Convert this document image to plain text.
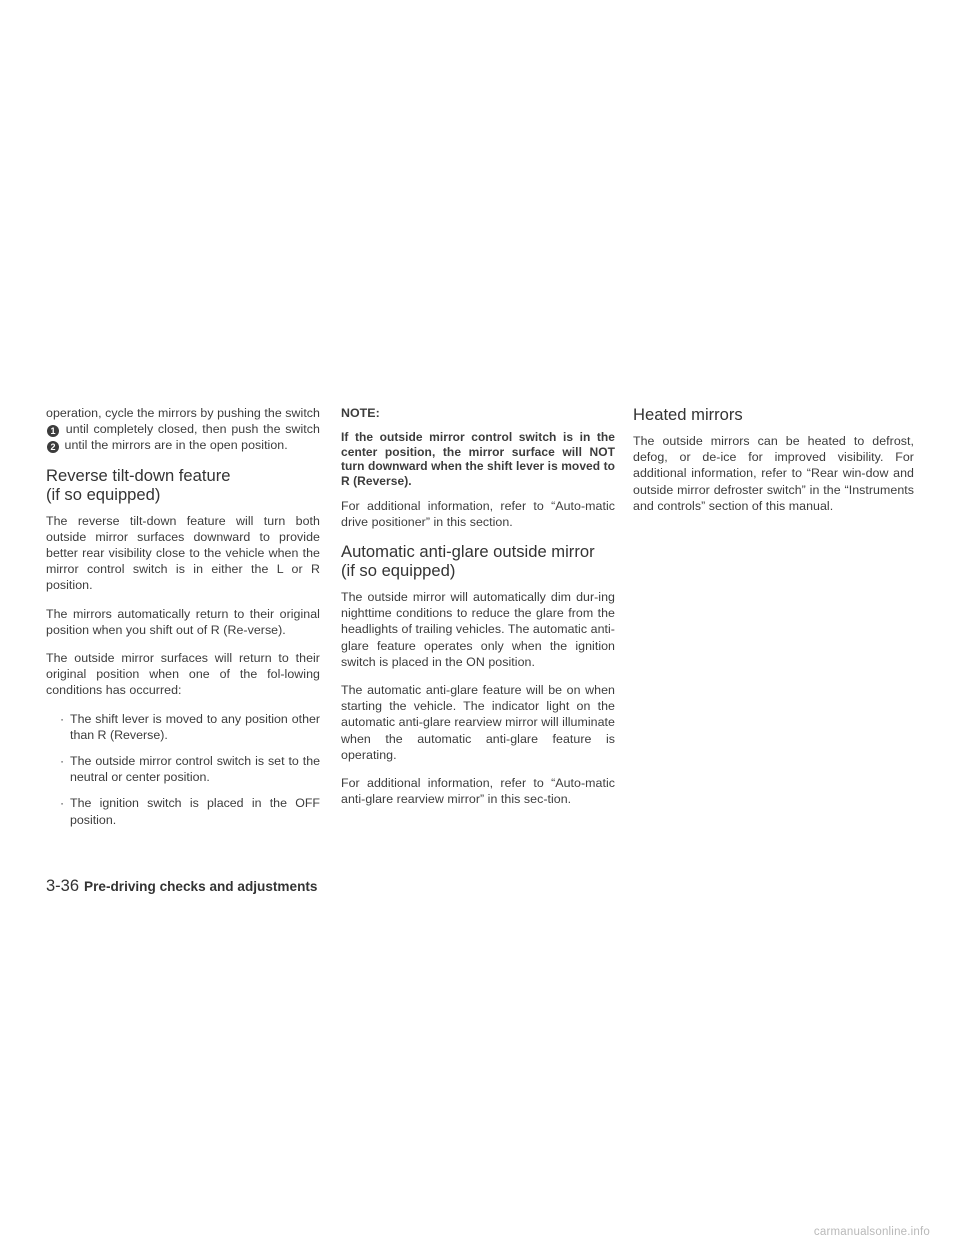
operation, cycle the mirrors by pushing the switch 1 until completely closed, then push the switch 2 until the mirrors are in the open position.

Reverse tilt-down feature
(if so equipped)

The reverse tilt-down feature will turn both outside mirror surfaces downward to provide better rear visibility close to the vehicle when the mirror control switch is in either the L or R position.

The mirrors automatically return to their original position when you shift out of R (Re-verse).

The outside mirror surfaces will return to their original position when one of the fol-lowing conditions has occurred:

· The shift lever is moved to any position other than R (Reverse).
· The outside mirror control switch is set to the neutral or center position.
· The ignition switch is placed in the OFF position.

NOTE:

If the outside mirror control switch is in the center position, the mirror surface will NOT turn downward when the shift lever is moved to R (Reverse).

For additional information, refer to “Auto-matic drive positioner” in this section.

Automatic anti-glare outside mirror
(if so equipped)

The outside mirror will automatically dim dur-ing nighttime conditions to reduce the glare from the headlights of trailing vehicles. The automatic anti-glare feature operates only when the ignition switch is placed in the ON position.

The automatic anti-glare feature will be on when starting the vehicle. The indicator light on the automatic anti-glare rearview mirror will illuminate when the automatic anti-glare feature is operating.

For additional information, refer to “Auto-matic anti-glare rearview mirror” in this sec-tion.

Heated mirrors

The outside mirrors can be heated to defrost, defog, or de-ice for improved visibility. For additional information, refer to “Rear win-dow and outside mirror defroster switch” in the “Instruments and controls” section of this manual.

3-36 Pre-driving checks and adjustments
carmanualsonline.info
